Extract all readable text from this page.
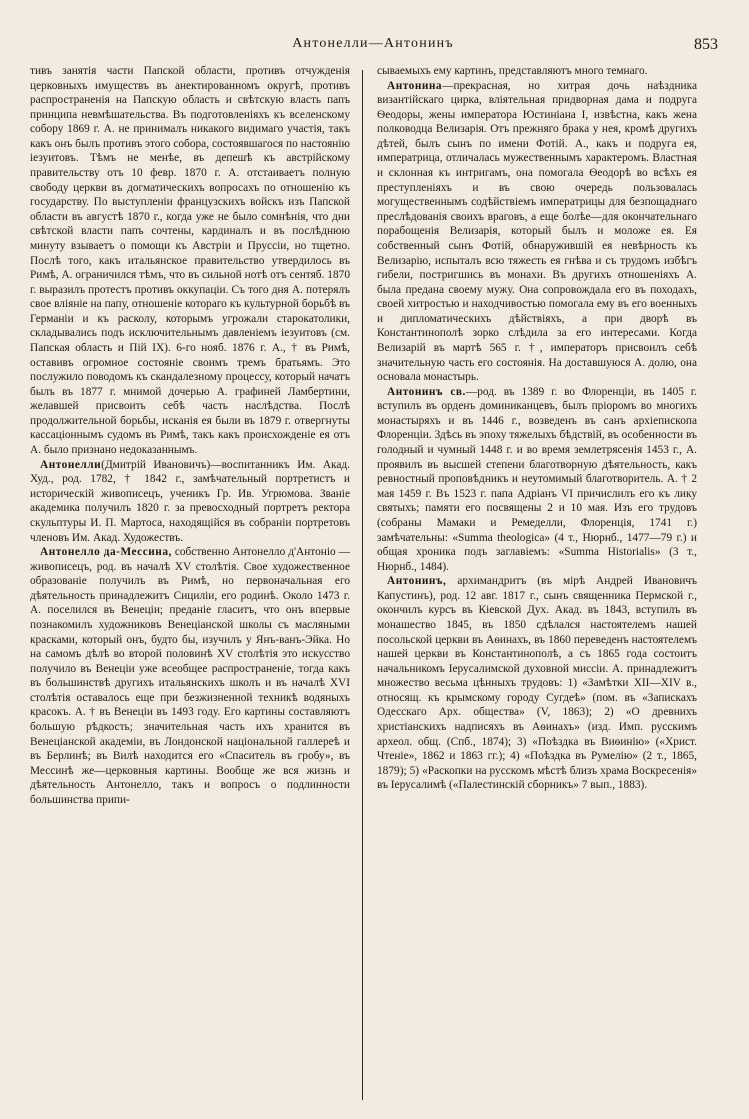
Антонелли—Антонинъ	853

тивъ занятія части Папской области, противъ отчужденія церковныхъ имуществъ въ анектированномъ округѣ, противъ распространенія на Папскую область и свѣтскую власть папъ принципа невмѣшательства. Въ подготовленіяхъ къ вселенскому собору 1869 г. А. не принималъ никакого видимаго участія, такъ какъ онъ былъ противъ этого собора, состоявшагося по настоянію іезуитовъ. Тѣмъ не менѣе, въ депешѣ къ австрійскому правительству отъ 10 февр. 1870 г. А. отстаиваетъ полную свободу церкви въ догматическихъ вопросахъ по отношенію къ государству. По выступленіи французскихъ войскъ изъ Папской области въ августѣ 1870 г., когда уже не было сомнѣнія, что дни свѣтской власти папъ сочтены, кардиналъ и въ послѣднюю минуту взываетъ о помощи къ Австріи и Пруссіи, но тщетно. Послѣ того, какъ итальянское правительство утвердилось въ Римѣ, А. ограничился тѣмъ, что въ сильной нотѣ отъ сентяб. 1870 г. выразилъ протестъ противъ оккупаціи. Съ того дня А. потерялъ свое вліяніе на папу, отношеніе котораго къ культурной борьбѣ въ Германіи и къ расколу, которымъ угрожали старокатолики, складывались подъ исключительнымъ давленіемъ іезуитовъ (см. Папская область и Пій IX). 6-го нояб. 1876 г. А., † въ Римѣ, оставивъ огромное состояніе своимъ тремъ братьямъ. Это послужило поводомъ къ скандалезному процессу, который начатъ былъ въ 1877 г. мнимой дочерью А. графиней Ламбертини, желавшей присвоить себѣ часть наслѣдства. Послѣ продолжительной борьбы, исканія ея были въ 1879 г. отвергнуты кассаціоннымъ судомъ въ Римѣ, такъ какъ происхожденіе ея отъ А. было признано недоказаннымъ.

Антонелли(Дмитрій Ивановичъ)—воспитанникъ Им. Акад. Худ., род. 1782, † 1842 г., замѣчательный портретистъ и историческій живописецъ, ученикъ Гр. Ив. Угрюмова. Званіе академика получилъ 1820 г. за превосходный портретъ ректора скульптуры И. П. Мартоса, находящійся въ собраніи портретовъ членовъ Им. Акад. Художествъ.

Антонелло да-Мессина, собственно Антонелло д'Антоніо — живописецъ, род. въ началѣ XV столѣтія. Свое художественное образованіе получилъ въ Римѣ, но первоначальная его дѣятельность принадлежитъ Сициліи, его родинѣ. Около 1473 г. А. поселился въ Венеціи; преданіе гласитъ, что онъ впервые познакомилъ художниковъ Венеціанской школы съ масляными красками, который онъ, будто бы, изучилъ у Янъ-ванъ-Эйка. Но на самомъ дѣлѣ во второй половинѣ XV столѣтія это искусство получило въ Венеціи уже всеобщее распространеніе, тогда какъ въ большинствѣ другихъ итальянскихъ школъ и въ началѣ XVI столѣтія оставалось еще при безжизненной техникѣ водяныхъ красокъ. А. † въ Венеціи въ 1493 году. Его картины составляютъ большую рѣдкость; значительная часть ихъ хранится въ Венеціанской академіи, въ Лондонской національной галлереѣ и въ Берлинѣ; въ Вилѣ находится его «Спаситель въ гробу», въ Мессинѣ же—церковныя картины. Вообще же вся жизнь и дѣятельность Антонелло, такъ и вопросъ о подлинности большинства припи-

сываемыхъ ему картинъ, представляютъ много темнаго.

Антонина—прекрасная, но хитрая дочь наѣздника византійскаго цирка, вліятельная придворная дама и подруга Ѳеодоры, жены императора Юстиніана I, извѣстна, какъ жена полководца Велизарія. Отъ прежняго брака у нея, кромѣ другихъ дѣтей, былъ сынъ по имени Фотій. А., какъ и подруга ея, императрица, отличалась мужественнымъ характеромъ. Властная и склонная къ интригамъ, она помогала Ѳеодорѣ во всѣхъ ея преступленіяхъ и въ свою очередь пользовалась могущественнымъ содѣйствіемъ императрицы для безпощаднаго преслѣдованія своихъ враговъ, а еще болѣе—для окончательнаго порабощенія Велизарія, который былъ и моложе ея. Ея собственный сынъ Фотій, обнаружившій ея невѣрность къ Велизарію, испыталъ всю тяжесть ея гнѣва и съ трудомъ избѣгъ гибели, постригшись въ монахи. Въ другихъ отношеніяхъ А. была предана своему мужу. Она сопровождала его въ походахъ, своей хитростью и находчивостью помогала ему въ его военныхъ и дипломатическихъ дѣйствіяхъ, а при дворѣ въ Константинополѣ зорко слѣдила за его интересами. Когда Велизарій въ мартѣ 565 г. †, императоръ присвоилъ себѣ значительную часть его состоянія. На доставшуюся А. долю, она основала монастырь.

Антонинъ св.—род. въ 1389 г. во Флоренціи, въ 1405 г. вступилъ въ орденъ доминиканцевъ, былъ пріоромъ во многихъ монастыряхъ и въ 1446 г., возведенъ въ санъ архіепископа Флоренціи. Здѣсь въ эпоху тяжелыхъ бѣдствій, въ особенности въ голодный и чумный 1448 г. и во время землетрясенія 1453 г., А. проявилъ въ высшей степени благотворную дѣятельность, какъ ревностный проповѣдникъ и неутомимый благотворитель. А. † 2 мая 1459 г. Въ 1523 г. папа Адріанъ VI причислилъ его къ лику святыхъ; памяти его посвящены 2 и 10 мая. Изъ его трудовъ (собраны Мамаки и Ремеделли, Флоренція, 1741 г.) замѣчательны: «Summa theologica» (4 т., Нюрнб., 1477—79 г.) и общая хроника подъ заглавіемъ: «Summa Historialis» (3 т., Нюрнб., 1484).

Антонинъ, архимандритъ (въ мірѣ Андрей Ивановичъ Капустинъ), род. 12 авг. 1817 г., сынъ священника Пермской г., окончилъ курсъ въ Кіевской Дух. Акад. въ 1843, вступилъ въ монашество 1845, въ 1850 сдѣлался настоятелемъ нашей посольской церкви въ Аѳинахъ, въ 1860 переведенъ настоятелемъ нашей церкви въ Константинополѣ, а съ 1865 года состоитъ начальникомъ Іерусалимской духовной миссіи. А. принадлежитъ множество весьма цѣнныхъ трудовъ: 1) «Замѣтки XII—XIV в., относящ. къ крымскому городу Сугдеѣ» (пом. въ «Запискахъ Одесскаго Арх. общества» (V, 1863); 2) «О древнихъ христіанскихъ надписяхъ въ Аѳинахъ» (изд. Имп. русскимъ археол. общ. (Спб., 1874); 3) «Поѣздка въ Виѳинію» («Христ. Чтеніе», 1862 и 1863 гг.); 4) «Поѣздка въ Румелію» (2 т., 1865, 1879); 5) «Раскопки на русскомъ мѣстѣ близъ храма Воскресенія» въ Іерусалимѣ («Палестинскій сборникъ» 7 вып., 1883).
